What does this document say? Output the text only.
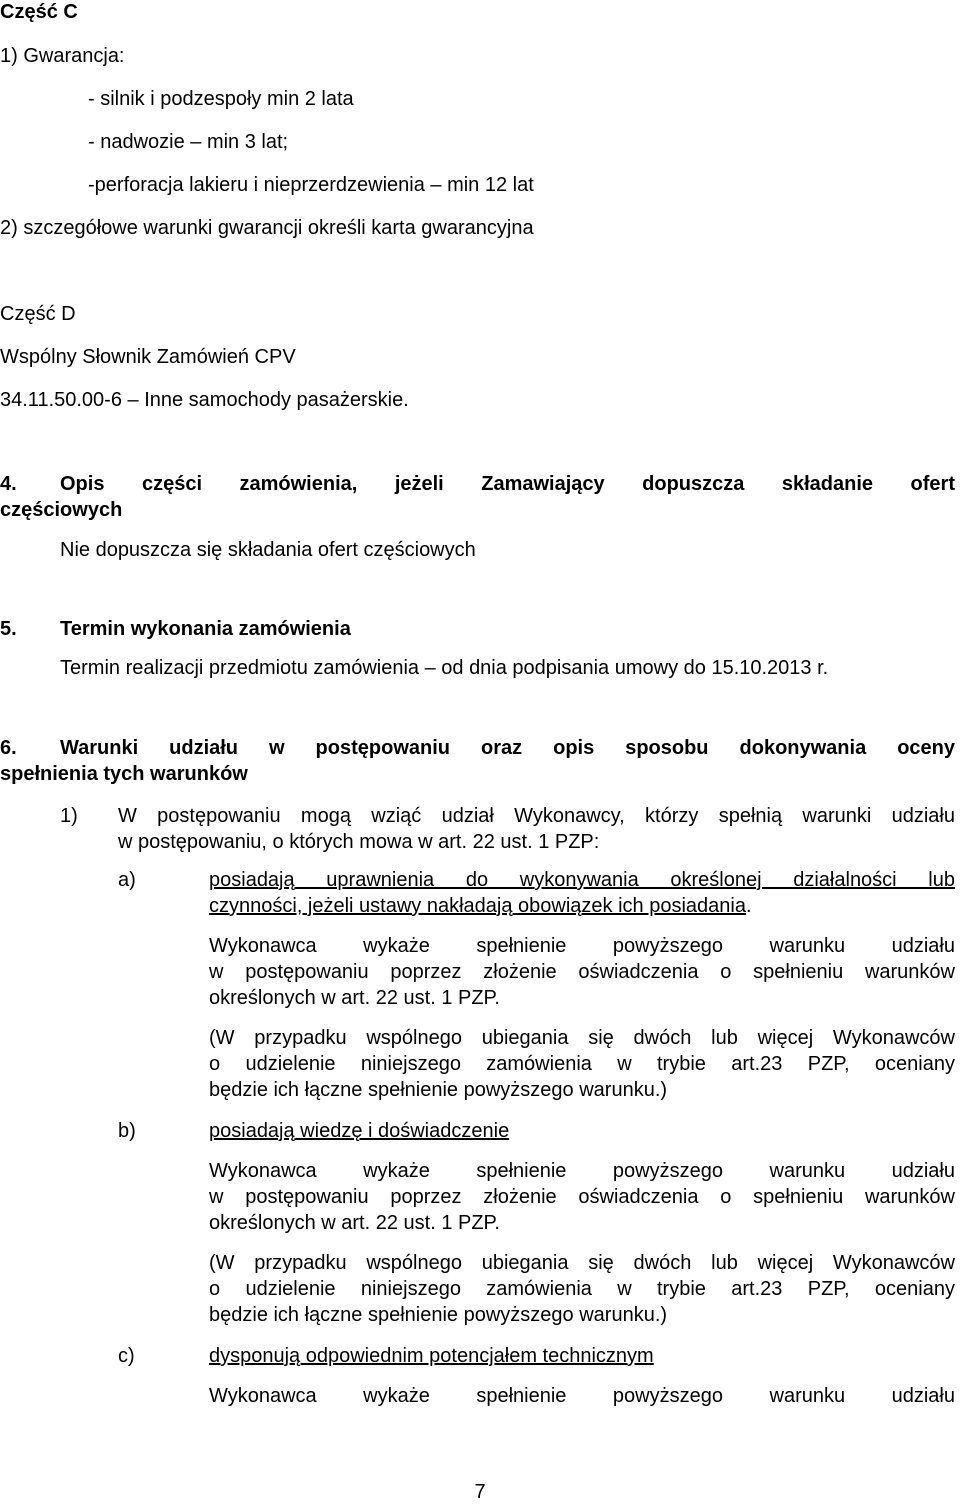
Część C
1) Gwarancja:
- silnik i podzespoły min 2 lata
- nadwozie – min 3 lat;
-perforacja lakieru i nieprzerdzewienia – min 12 lat
2) szczegółowe warunki gwarancji określi karta gwarancyjna
Część D
Wspólny Słownik Zamówień CPV
34.11.50.00-6 – Inne samochody pasażerskie.
4. Opis części zamówienia, jeżeli Zamawiający dopuszcza składanie ofert
częściowych
Nie dopuszcza się składania ofert częściowych
5. Termin wykonania zamówienia
Termin realizacji przedmiotu zamówienia – od dnia podpisania umowy do 15.10.2013 r.
6. Warunki udziału w postępowaniu oraz opis sposobu dokonywania oceny
spełnienia tych warunków
1) W postępowaniu mogą wziąć udział Wykonawcy, którzy spełnią warunki udziału
w postępowaniu, o których mowa w art. 22 ust. 1 PZP:
a)	posiadają uprawnienia do wykonywania określonej działalności lub
czynności, jeżeli ustawy nakładają obowiązek ich posiadania.
Wykonawca wykaże spełnienie powyższego warunku udziału
w postępowaniu poprzez złożenie oświadczenia o spełnieniu warunków
określonych w art. 22 ust. 1 PZP.
(W przypadku wspólnego ubiegania się dwóch lub więcej Wykonawców
o udzielenie niniejszego zamówienia w trybie art.23 PZP, oceniany
będzie ich łączne spełnienie powyższego warunku.)
b)	posiadają wiedzę i doświadczenie
Wykonawca wykaże spełnienie powyższego warunku udziału
w postępowaniu poprzez złożenie oświadczenia o spełnieniu warunków
określonych w art. 22 ust. 1 PZP.
(W przypadku wspólnego ubiegania się dwóch lub więcej Wykonawców
o udzielenie niniejszego zamówienia w trybie art.23 PZP, oceniany
będzie ich łączne spełnienie powyższego warunku.)
c)	dysponują odpowiednim potencjałem technicznym
Wykonawca wykaże spełnienie powyższego warunku udziału
7
